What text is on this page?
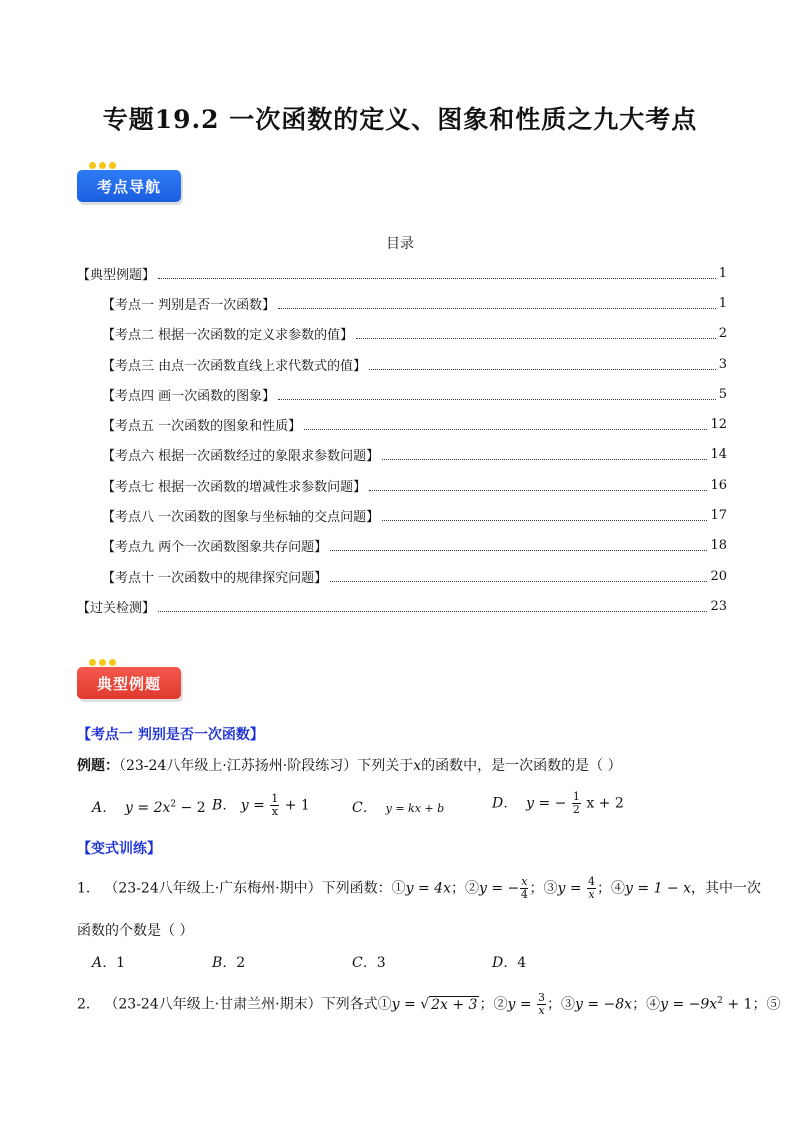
专题19.2 一次函数的定义、图象和性质之九大考点
考点导航
目录
【典型例题】	1
【考点一 判别是否一次函数】	1
【考点二 根据一次函数的定义求参数的值】	2
【考点三 由点一次函数直线上求代数式的值】	3
【考点四 画一次函数的图象】	5
【考点五 一次函数的图象和性质】	12
【考点六 根据一次函数经过的象限求参数问题】	14
【考点七 根据一次函数的增减性求参数问题】	16
【考点八 一次函数的图象与坐标轴的交点问题】	17
【考点九 两个一次函数图象共存问题】	18
【考点十 一次函数中的规律探究问题】	20
【过关检测】	23
典型例题
【考点一 判别是否一次函数】
例题：（23-24八年级上·江苏扬州·阶段练习）下列关于x的函数中，是一次函数的是（ ）
A． $y = 2x^2 - 2$ B． $y = \frac{1}{x} + 1$	C． y = kx + b	D． y = − $\frac{1}{2}$ x + 2
【变式训练】
1． （23-24八年级上·广东梅州·期中）下列函数：①y = 4x；②y = − $\frac{x}{4}$ ；③y = $\frac{4}{x}$ ；④y = 1 − x，其中一次
函数的个数是（ ）
A．1	B．2	C．3	D．4
2． （23-24八年级上·甘肃兰州·期末）下列各式①y = √ 2x + 3 ；②y = $\frac{3}{x}$ ；③y = −8x；④y = $-9x^2 + 1$；⑤
